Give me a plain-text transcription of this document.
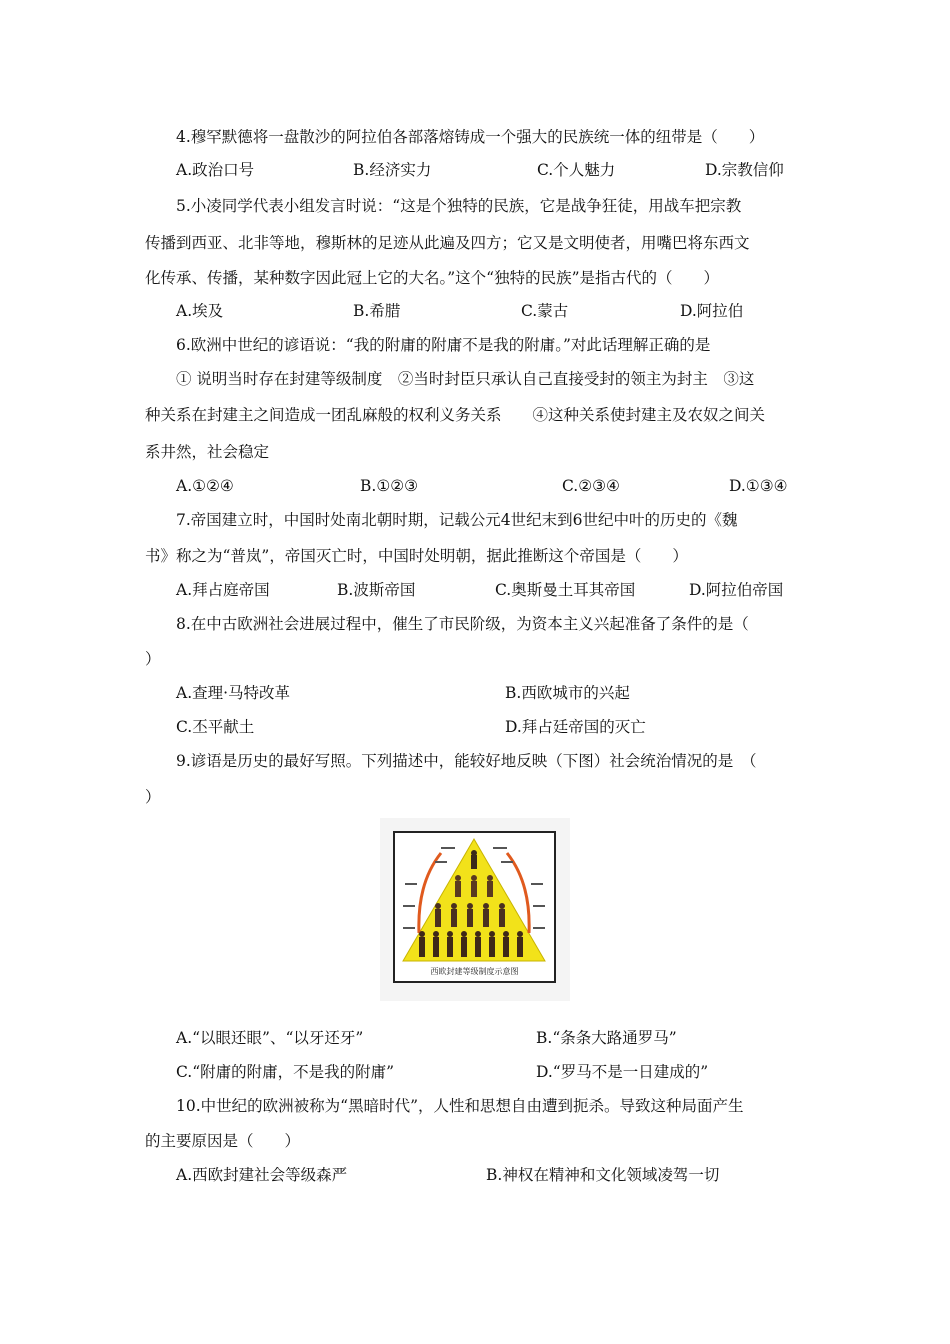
4.穆罕默德将一盘散沙的阿拉伯各部落熔铸成一个强大的民族统一体的纽带是（　　）
A.政治口号	B.经济实力	C.个人魅力	D.宗教信仰
5.小凌同学代表小组发言时说：“这是个独特的民族，它是战争狂徒，用战车把宗教
传播到西亚、北非等地，穆斯林的足迹从此遍及四方；它又是文明使者，用嘴巴将东西文
化传承、传播，某种数字因此冠上它的大名。”这个“独特的民族”是指古代的（　　）
A.埃及	B.希腊	C.蒙古	D.阿拉伯
6.欧洲中世纪的谚语说：“我的附庸的附庸不是我的附庸。”对此话理解正确的是
① 说明当时存在封建等级制度　②当时封臣只承认自己直接受封的领主为封主　③这
种关系在封建主之间造成一团乱麻般的权利义务关系　　④这种关系使封建主及农奴之间关
系井然，社会稳定
A.①②④	B.①②③	C.②③④	D.①③④
7.帝国建立时，中国时处南北朝时期，记载公元4世纪末到6世纪中叶的历史的《魏
书》称之为“普岚”，帝国灭亡时，中国时处明朝，据此推断这个帝国是（　　）
A.拜占庭帝国	B.波斯帝国	C.奥斯曼土耳其帝国	D.阿拉伯帝国
8.在中古欧洲社会进展过程中，催生了市民阶级，为资本主义兴起准备了条件的是（
）
A.查理·马特改革	B.西欧城市的兴起
C.丕平献土	D.拜占廷帝国的灭亡
9.谚语是历史的最好写照。下列描述中，能较好地反映（下图）社会统治情况的是　（
）
西欧封建等级制度示意图
A.“以眼还眼”、“以牙还牙”	B.“条条大路通罗马”
C.“附庸的附庸，不是我的附庸”	D.“罗马不是一日建成的”
10.中世纪的欧洲被称为“黑暗时代”，人性和思想自由遭到扼杀。导致这种局面产生
的主要原因是（　　）
A.西欧封建社会等级森严	B.神权在精神和文化领域凌驾一切
